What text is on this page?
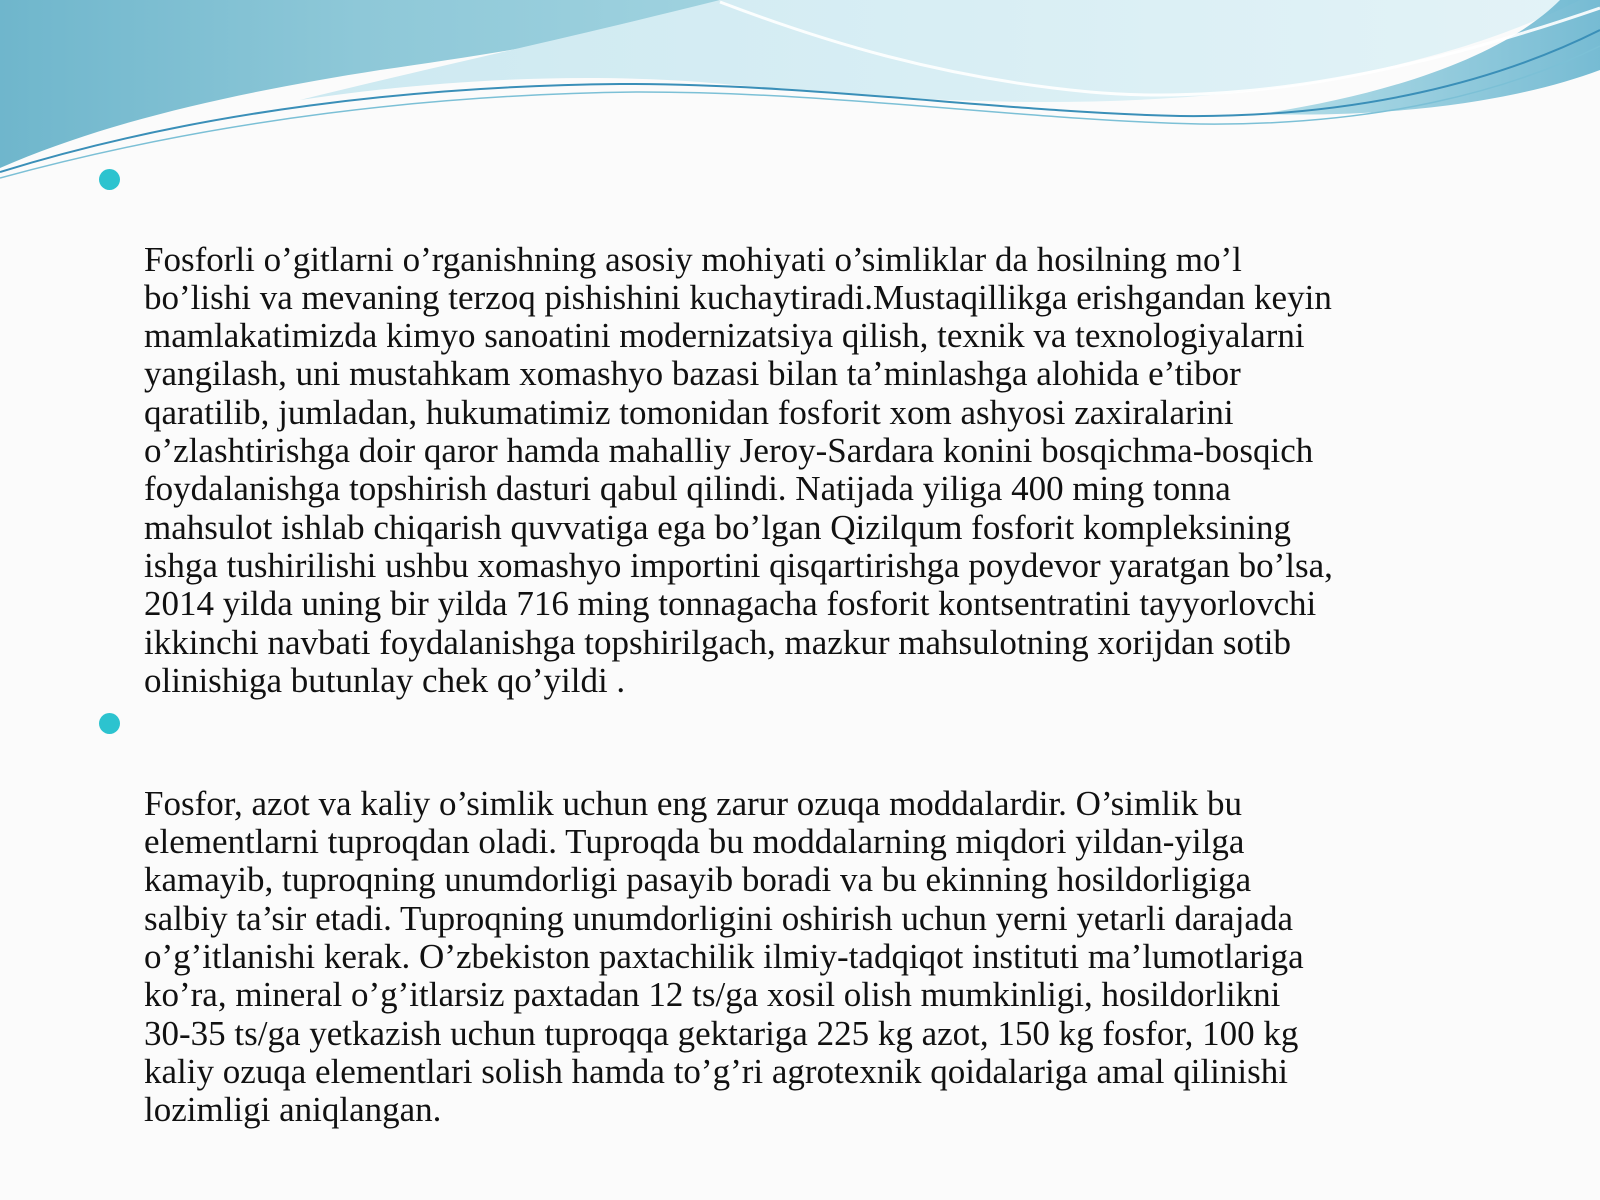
Fosforli o’gitlarni o’rganishning asosiy mohiyati o’simliklar da hosilning mo’l
bo’lishi va mevaning terzoq pishishini kuchaytiradi.Mustaqillikga erishgandan keyin
mamlakatimizda kimyo sanoatini modernizatsiya qilish, texnik va texnologiyalarni
yangilash, uni mustahkam xomashyo bazasi bilan ta’minlashga alohida e’tibor
qaratilib, jumladan, hukumatimiz tomonidan fosforit xom ashyosi zaxiralarini
o’zlashtirishga doir qaror hamda mahalliy Jeroy-Sardara konini bosqichma-bosqich
foydalanishga topshirish dasturi qabul qilindi. Natijada yiliga 400 ming tonna
mahsulot ishlab chiqarish quvvatiga ega bo’lgan Qizilqum fosforit kompleksining
ishga tushirilishi ushbu xomashyo importini qisqartirishga poydevor yaratgan bo’lsa,
2014 yilda uning bir yilda 716 ming tonnagacha fosforit kontsentratini tayyorlovchi
ikkinchi navbati foydalanishga topshirilgach, mazkur mahsulotning xorijdan sotib
olinishiga butunlay chek qo’yildi .

Fosfor, azot va kaliy o’simlik uchun eng zarur ozuqa moddalardir. O’simlik bu
elementlarni tuproqdan oladi. Tuproqda bu moddalarning miqdori yildan-yilga
kamayib, tuproqning unumdorligi pasayib boradi va bu ekinning hosildorligiga
salbiy ta’sir etadi. Tuproqning unumdorligini oshirish uchun yerni yetarli darajada
o’g’itlanishi kerak. O’zbekiston paxtachilik ilmiy-tadqiqot instituti ma’lumotlariga
ko’ra, mineral o’g’itlarsiz paxtadan 12 ts/ga xosil olish mumkinligi, hosildorlikni
30-35 ts/ga yetkazish uchun tuproqqa gektariga 225 kg azot, 150 kg fosfor, 100 kg
kaliy ozuqa elementlari solish hamda to’g’ri agrotexnik qoidalariga amal qilinishi
lozimligi aniqlangan.
